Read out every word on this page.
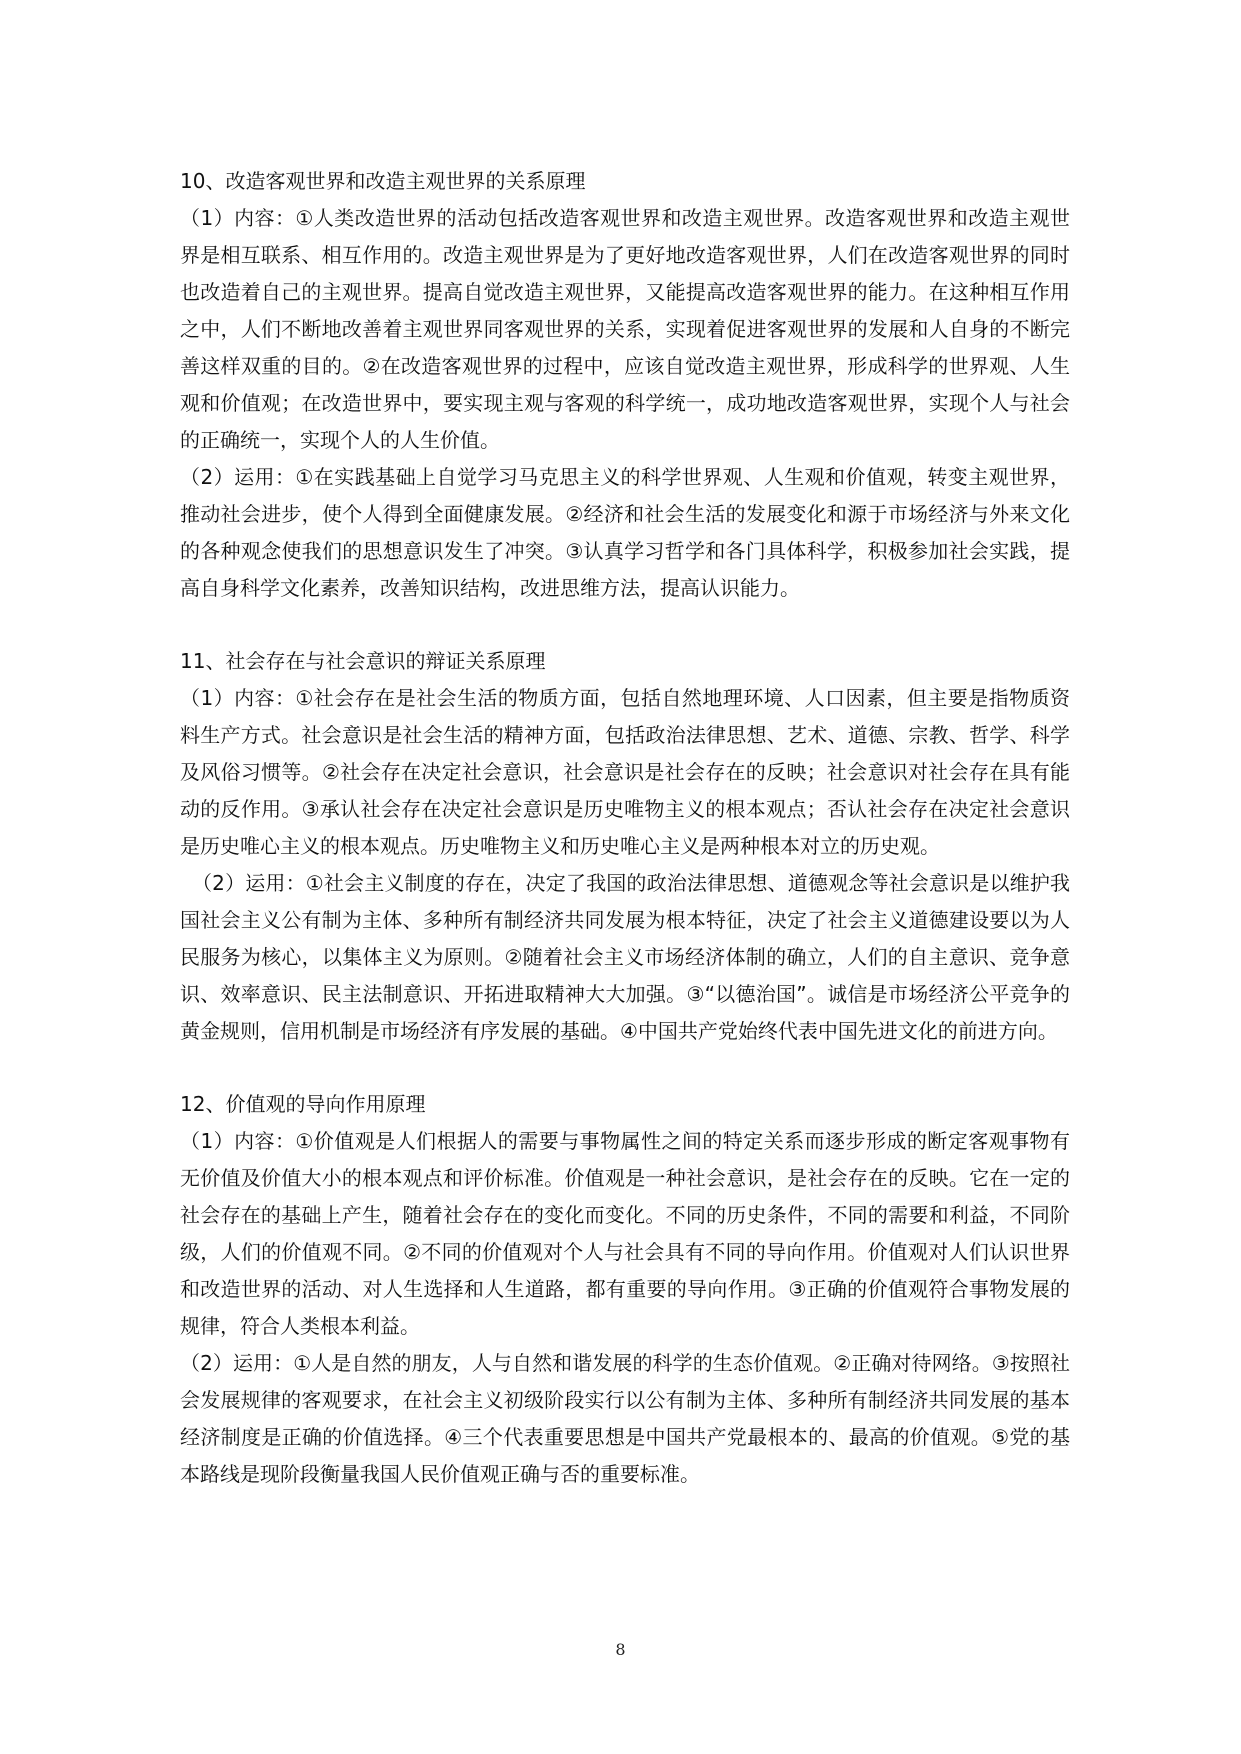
10、改造客观世界和改造主观世界的关系原理

（1）内容：①人类改造世界的活动包括改造客观世界和改造主观世界。改造客观世界和改造主观世界是相互联系、相互作用的。改造主观世界是为了更好地改造客观世界，人们在改造客观世界的同时也改造着自己的主观世界。提高自觉改造主观世界，又能提高改造客观世界的能力。在这种相互作用之中，人们不断地改善着主观世界同客观世界的关系，实现着促进客观世界的发展和人自身的不断完善这样双重的目的。②在改造客观世界的过程中，应该自觉改造主观世界，形成科学的世界观、人生观和价值观；在改造世界中，要实现主观与客观的科学统一，成功地改造客观世界，实现个人与社会的正确统一，实现个人的人生价值。

（2）运用：①在实践基础上自觉学习马克思主义的科学世界观、人生观和价值观，转变主观世界，推动社会进步，使个人得到全面健康发展。②经济和社会生活的发展变化和源于市场经济与外来文化的各种观念使我们的思想意识发生了冲突。③认真学习哲学和各门具体科学，积极参加社会实践，提高自身科学文化素养，改善知识结构，改进思维方法，提高认识能力。

11、社会存在与社会意识的辩证关系原理

（1）内容：①社会存在是社会生活的物质方面，包括自然地理环境、人口因素，但主要是指物质资料生产方式。社会意识是社会生活的精神方面，包括政治法律思想、艺术、道德、宗教、哲学、科学及风俗习惯等。②社会存在决定社会意识，社会意识是社会存在的反映；社会意识对社会存在具有能动的反作用。③承认社会存在决定社会意识是历史唯物主义的根本观点；否认社会存在决定社会意识是历史唯心主义的根本观点。历史唯物主义和历史唯心主义是两种根本对立的历史观。

（2）运用：①社会主义制度的存在，决定了我国的政治法律思想、道德观念等社会意识是以维护我国社会主义公有制为主体、多种所有制经济共同发展为根本特征，决定了社会主义道德建设要以为人民服务为核心，以集体主义为原则。②随着社会主义市场经济体制的确立，人们的自主意识、竞争意识、效率意识、民主法制意识、开拓进取精神大大加强。③“以德治国”。诚信是市场经济公平竞争的黄金规则，信用机制是市场经济有序发展的基础。④中国共产党始终代表中国先进文化的前进方向。

12、价值观的导向作用原理

（1）内容：①价值观是人们根据人的需要与事物属性之间的特定关系而逐步形成的断定客观事物有无价值及价值大小的根本观点和评价标准。价值观是一种社会意识，是社会存在的反映。它在一定的社会存在的基础上产生，随着社会存在的变化而变化。不同的历史条件，不同的需要和利益，不同阶级，人们的价值观不同。②不同的价值观对个人与社会具有不同的导向作用。价值观对人们认识世界和改造世界的活动、对人生选择和人生道路，都有重要的导向作用。③正确的价值观符合事物发展的规律，符合人类根本利益。

（2）运用：①人是自然的朋友，人与自然和谐发展的科学的生态价值观。②正确对待网络。③按照社会发展规律的客观要求，在社会主义初级阶段实行以公有制为主体、多种所有制经济共同发展的基本经济制度是正确的价值选择。④三个代表重要思想是中国共产党最根本的、最高的价值观。⑤党的基本路线是现阶段衡量我国人民价值观正确与否的重要标准。

8
